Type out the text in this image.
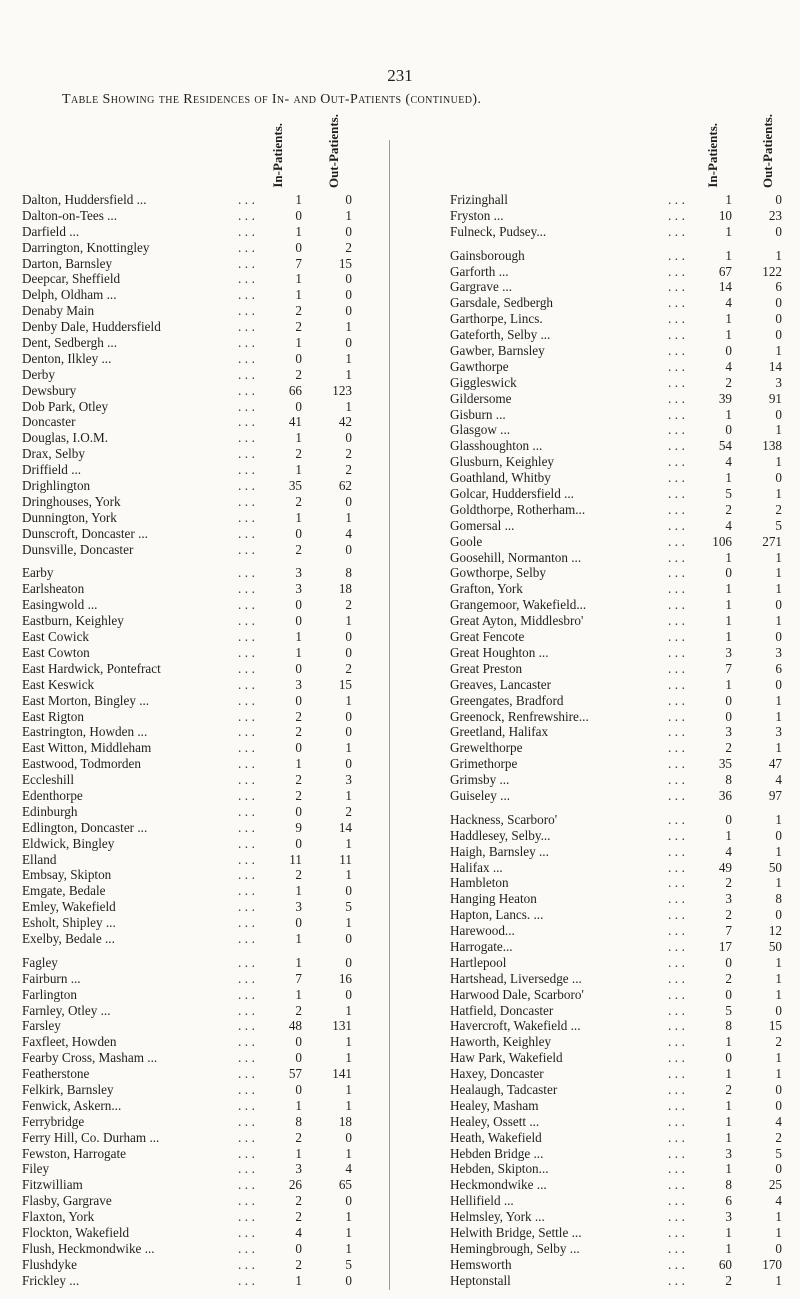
231
Table Showing the Residences of In- and Out-Patients (continued).
In-Patients.	Out-Patients.	In-Patients.	Out-Patients.
Dalton, Huddersfield ...	...	1	0
Dalton-on-Tees ...	...	0	1
Darfield ...	...	1	0
Darrington, Knottingley	...	0	2
Darton, Barnsley	...	7	15
Deepcar, Sheffield	...	1	0
Delph, Oldham ...	...	1	0
Denaby Main	...	2	0
Denby Dale, Huddersfield	...	2	1
Dent, Sedbergh ...	...	1	0
Denton, Ilkley ...	...	0	1
Derby	...	2	1
Dewsbury	...	66	123
Dob Park, Otley	...	0	1
Doncaster	...	41	42
Douglas, I.O.M.	...	1	0
Drax, Selby	...	2	2
Driffield ...	...	1	2
Drighlington	...	35	62
Dringhouses, York	...	2	0
Dunnington, York	...	1	1
Dunscroft, Doncaster ...	...	0	4
Dunsville, Doncaster	...	2	0
Earby	...	3	8
Earlsheaton	...	3	18
Easingwold ...	...	0	2
Eastburn, Keighley	...	0	1
East Cowick	...	1	0
East Cowton	...	1	0
East Hardwick, Pontefract	...	0	2
East Keswick	...	3	15
East Morton, Bingley ...	...	0	1
East Rigton	...	2	0
Eastrington, Howden ...	...	2	0
East Witton, Middleham	...	0	1
Eastwood, Todmorden	...	1	0
Eccleshill	...	2	3
Edenthorpe	...	2	1
Edinburgh	...	0	2
Edlington, Doncaster ...	...	9	14
Eldwick, Bingley	...	0	1
Elland	...	11	11
Embsay, Skipton	...	2	1
Emgate, Bedale	...	1	0
Emley, Wakefield	...	3	5
Esholt, Shipley ...	...	0	1
Exelby, Bedale ...	...	1	0
Fagley	...	1	0
Fairburn ...	...	7	16
Farlington	...	1	0
Farnley, Otley ...	...	2	1
Farsley	...	48	131
Faxfleet, Howden	...	0	1
Fearby Cross, Masham ...	...	0	1
Featherstone	...	57	141
Felkirk, Barnsley	...	0	1
Fenwick, Askern...	...	1	1
Ferrybridge	...	8	18
Ferry Hill, Co. Durham ...	...	2	0
Fewston, Harrogate	...	1	1
Filey	...	3	4
Fitzwilliam	...	26	65
Flasby, Gargrave	...	2	0
Flaxton, York	...	2	1
Flockton, Wakefield	...	4	1
Flush, Heckmondwike ...	...	0	1
Flushdyke	...	2	5
Frickley ...	...	1	0
Frizinghall	...	1	0
Fryston ...	...	10	23
Fulneck, Pudsey...	...	1	0
Gainsborough	...	1	1
Garforth ...	...	67	122
Gargrave ...	...	14	6
Garsdale, Sedbergh	...	4	0
Garthorpe, Lincs.	...	1	0
Gateforth, Selby ...	...	1	0
Gawber, Barnsley	...	0	1
Gawthorpe	...	4	14
Giggleswick	...	2	3
Gildersome	...	39	91
Gisburn ...	...	1	0
Glasgow ...	...	0	1
Glasshoughton ...	...	54	138
Glusburn, Keighley	...	4	1
Goathland, Whitby	...	1	0
Golcar, Huddersfield ...	...	5	1
Goldthorpe, Rotherham...	...	2	2
Gomersal ...	...	4	5
Goole	...	106	271
Goosehill, Normanton ...	...	1	1
Gowthorpe, Selby	...	0	1
Grafton, York	...	1	1
Grangemoor, Wakefield...	...	1	0
Great Ayton, Middlesbro'	...	1	1
Great Fencote	...	1	0
Great Houghton ...	...	3	3
Great Preston	...	7	6
Greaves, Lancaster	...	1	0
Greengates, Bradford	...	0	1
Greenock, Renfrewshire...	...	0	1
Greetland, Halifax	...	3	3
Grewelthorpe	...	2	1
Grimethorpe	...	35	47
Grimsby ...	...	8	4
Guiseley ...	...	36	97
Hackness, Scarboro'	...	0	1
Haddlesey, Selby...	...	1	0
Haigh, Barnsley ...	...	4	1
Halifax ...	...	49	50
Hambleton	...	2	1
Hanging Heaton	...	3	8
Hapton, Lancs. ...	...	2	0
Harewood...	...	7	12
Harrogate...	...	17	50
Hartlepool	...	0	1
Hartshead, Liversedge ...	...	2	1
Harwood Dale, Scarboro'	...	0	1
Hatfield, Doncaster	...	5	0
Havercroft, Wakefield ...	...	8	15
Haworth, Keighley	...	1	2
Haw Park, Wakefield	...	0	1
Haxey, Doncaster	...	1	1
Healaugh, Tadcaster	...	2	0
Healey, Masham	...	1	0
Healey, Ossett ...	...	1	4
Heath, Wakefield	...	1	2
Hebden Bridge ...	...	3	5
Hebden, Skipton...	...	1	0
Heckmondwike ...	...	8	25
Hellifield ...	...	6	4
Helmsley, York ...	...	3	1
Helwith Bridge, Settle ...	...	1	1
Hemingbrough, Selby ...	...	1	0
Hemsworth	...	60	170
Heptonstall	...	2	1
